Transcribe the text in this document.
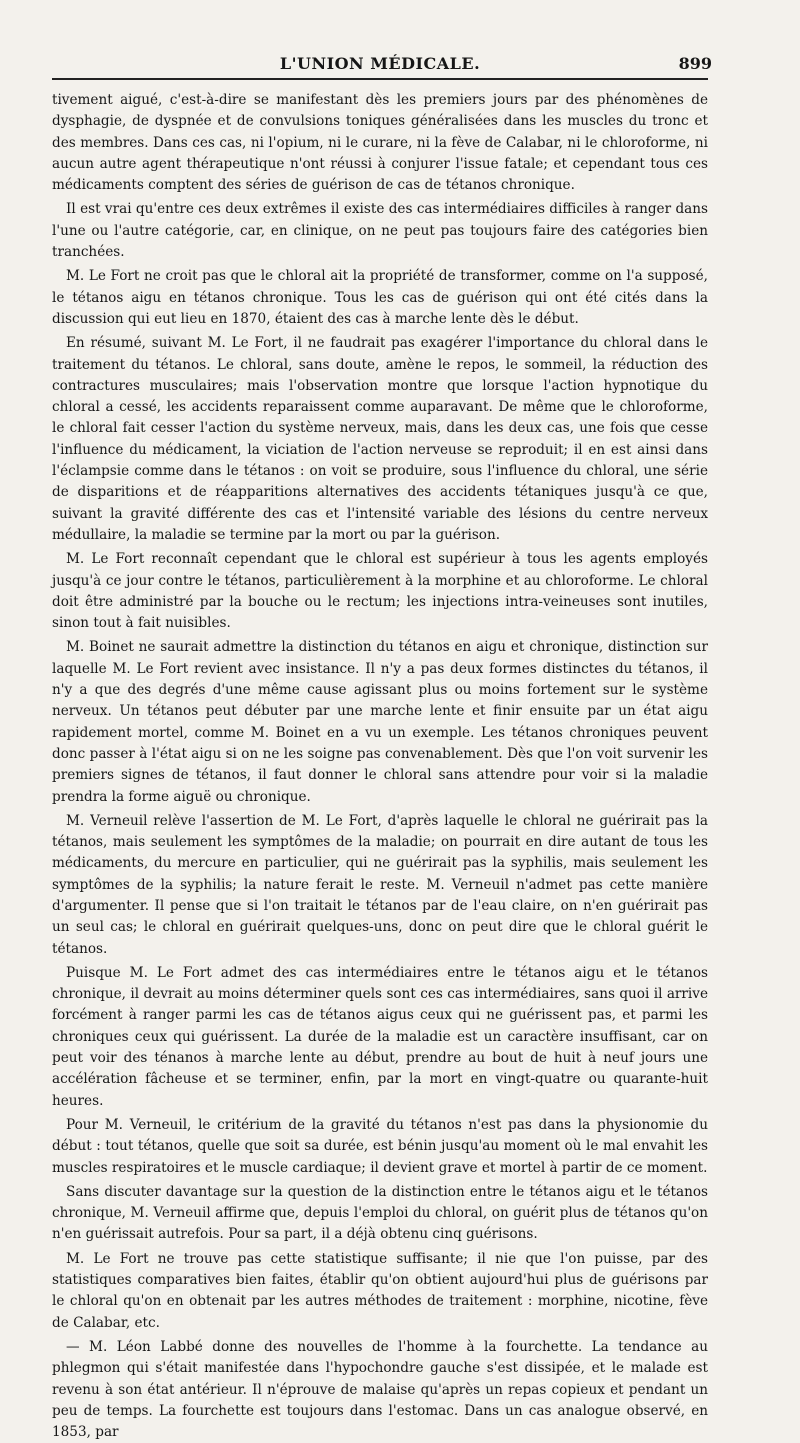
L'UNION MÉDICALE.	899

tivement aigué, c'est-à-dire se manifestant dès les premiers jours par des phénomènes de dysphagie, de dyspnée et de convulsions toniques généralisées dans les muscles du tronc et des membres. Dans ces cas, ni l'opium, ni le curare, ni la fève de Calabar, ni le chloroforme, ni aucun autre agent thérapeutique n'ont réussi à conjurer l'issue fatale; et cependant tous ces médicaments comptent des séries de guérison de cas de tétanos chronique.

Il est vrai qu'entre ces deux extrêmes il existe des cas intermédiaires difficiles à ranger dans l'une ou l'autre catégorie, car, en clinique, on ne peut pas toujours faire des catégories bien tranchées.

M. Le Fort ne croit pas que le chloral ait la propriété de transformer, comme on l'a supposé, le tétanos aigu en tétanos chronique. Tous les cas de guérison qui ont été cités dans la discussion qui eut lieu en 1870, étaient des cas à marche lente dès le début.

En résumé, suivant M. Le Fort, il ne faudrait pas exagérer l'importance du chloral dans le traitement du tétanos. Le chloral, sans doute, amène le repos, le sommeil, la réduction des contractures musculaires; mais l'observation montre que lorsque l'action hypnotique du chloral a cessé, les accidents reparaissent comme auparavant. De même que le chloroforme, le chloral fait cesser l'action du système nerveux, mais, dans les deux cas, une fois que cesse l'influence du médicament, la viciation de l'action nerveuse se reproduit; il en est ainsi dans l'éclampsie comme dans le tétanos : on voit se produire, sous l'influence du chloral, une série de disparitions et de réapparitions alternatives des accidents tétaniques jusqu'à ce que, suivant la gravité différente des cas et l'intensité variable des lésions du centre nerveux médullaire, la maladie se termine par la mort ou par la guérison.

M. Le Fort reconnaît cependant que le chloral est supérieur à tous les agents employés jusqu'à ce jour contre le tétanos, particulièrement à la morphine et au chloroforme. Le chloral doit être administré par la bouche ou le rectum; les injections intra-veineuses sont inutiles, sinon tout à fait nuisibles.

M. Boinet ne saurait admettre la distinction du tétanos en aigu et chronique, distinction sur laquelle M. Le Fort revient avec insistance. Il n'y a pas deux formes distinctes du tétanos, il n'y a que des degrés d'une même cause agissant plus ou moins fortement sur le système nerveux. Un tétanos peut débuter par une marche lente et finir ensuite par un état aigu rapidement mortel, comme M. Boinet en a vu un exemple. Les tétanos chroniques peuvent donc passer à l'état aigu si on ne les soigne pas convenablement. Dès que l'on voit survenir les premiers signes de tétanos, il faut donner le chloral sans attendre pour voir si la maladie prendra la forme aiguë ou chronique.

M. Verneuil relève l'assertion de M. Le Fort, d'après laquelle le chloral ne guérirait pas la tétanos, mais seulement les symptômes de la maladie; on pourrait en dire autant de tous les médicaments, du mercure en particulier, qui ne guérirait pas la syphilis, mais seulement les symptômes de la syphilis; la nature ferait le reste. M. Verneuil n'admet pas cette manière d'argumenter. Il pense que si l'on traitait le tétanos par de l'eau claire, on n'en guérirait pas un seul cas; le chloral en guérirait quelques-uns, donc on peut dire que le chloral guérit le tétanos.

Puisque M. Le Fort admet des cas intermédiaires entre le tétanos aigu et le tétanos chronique, il devrait au moins déterminer quels sont ces cas intermédiaires, sans quoi il arrive forcément à ranger parmi les cas de tétanos aigus ceux qui ne guérissent pas, et parmi les chroniques ceux qui guérissent. La durée de la maladie est un caractère insuffisant, car on peut voir des ténanos à marche lente au début, prendre au bout de huit à neuf jours une accélération fâcheuse et se terminer, enfin, par la mort en vingt-quatre ou quarante-huit heures.

Pour M. Verneuil, le critérium de la gravité du tétanos n'est pas dans la physionomie du début : tout tétanos, quelle que soit sa durée, est bénin jusqu'au moment où le mal envahit les muscles respiratoires et le muscle cardiaque; il devient grave et mortel à partir de ce moment.

Sans discuter davantage sur la question de la distinction entre le tétanos aigu et le tétanos chronique, M. Verneuil affirme que, depuis l'emploi du chloral, on guérit plus de tétanos qu'on n'en guérissait autrefois. Pour sa part, il a déjà obtenu cinq guérisons.

M. Le Fort ne trouve pas cette statistique suffisante; il nie que l'on puisse, par des statistiques comparatives bien faites, établir qu'on obtient aujourd'hui plus de guérisons par le chloral qu'on en obtenait par les autres méthodes de traitement : morphine, nicotine, fève de Calabar, etc.

— M. Léon Labbé donne des nouvelles de l'homme à la fourchette. La tendance au phlegmon qui s'était manifestée dans l'hypochondre gauche s'est dissipée, et le malade est revenu à son état antérieur. Il n'éprouve de malaise qu'après un repas copieux et pendant un peu de temps. La fourchette est toujours dans l'estomac. Dans un cas analogue observé, en 1853, par
